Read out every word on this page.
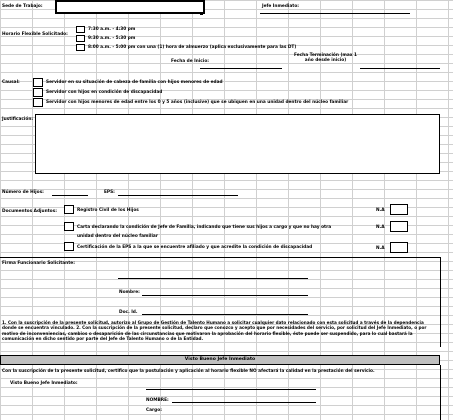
Sede de Trabajo:	Jefe Inmediato:
Horario Flexible Solicitado:
7:30 a.m. - 4:30 pm
9:30 a.m. - 5:30 pm
8:00 a.m. - 5:00 pm con una (1) hora de almuerzo (aplica exclusivamente para las DT)
Fecha de Inicio:
Fecha Terminación (max 1 año desde inicio)
Causal:	Servidor en su situación de cabeza de familia con hijos menores de edad
Servidor con hijos en condición de discapacidad
Servidor con hijos menores de edad entre los 0 y 5 años (inclusive) que se ubiquen en una unidad dentro del núcleo familiar
Justificación:
Número de Hijos:	EPS:
Documentos Adjuntos:	Registro Civil de los Hijos	N.A
Carta declarando la condición de Jefe de Familia, indicando que tiene sus hijos a cargo y que no hay otra unidad dentro del núcleo familiar
N.A
Certificación de la EPS a la que se encuentre afiliado y que acredite la condición de discapacidad	N.A
Firma Funcionario Solicitante:
Nombre:
Doc. Id.
1. Con la suscripción de la presente solicitud, autorizo al Grupo de Gestión de Talento Humano a solicitar cualquier dato relacionado con esta solicitud a través de la dependencia donde se encuentra vinculado. 2. Con la suscripción de la presente solicitud, declaro que conozco y acepto que por necesidades del servicio, por solicitud del Jefe Inmediato, o por motivo de inconveniencias, cambios o desaparición de las circunstancias que motivaron la aprobación del horario flexible, éste puede ser suspendido, para lo cual bastará la comunicación en dicho sentido por parte del Jefe de Talento Humano o de la Entidad.
Visto Bueno Jefe Inmediato
Con la suscripción de la presente solicitud, certifico que la postulación y aplicación al horario flexible NO afectará la calidad en la prestación del servicio.
Visto Bueno Jefe Inmediato:
NOMBRE:
Cargo:
